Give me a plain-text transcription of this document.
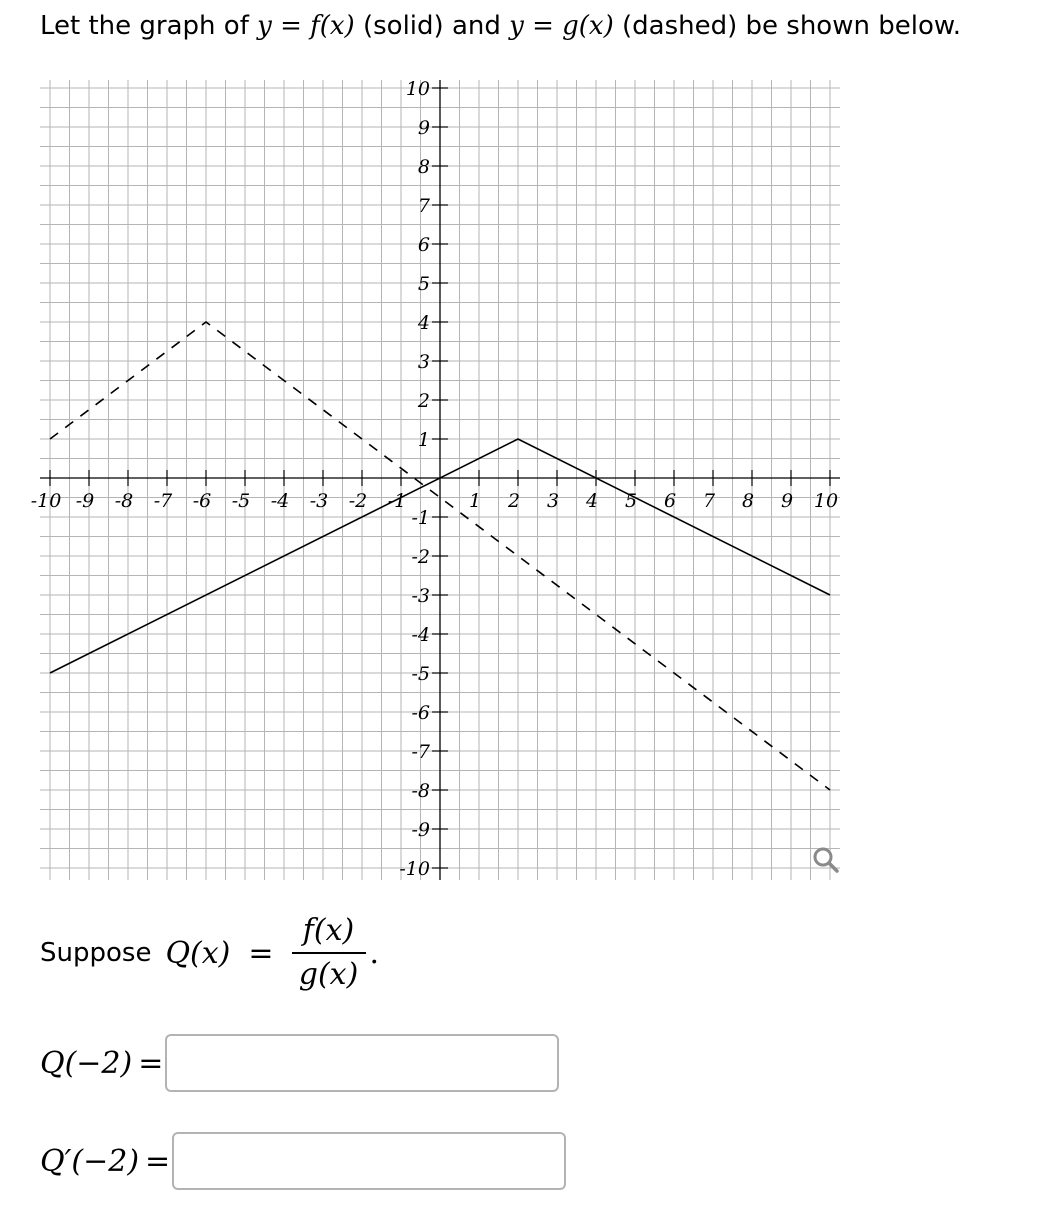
Let the graph of y = f(x) (solid) and y = g(x) (dashed) be shown below.
-10 -9 -8 -7 -6 -5 -4 -3 -2 -1	1 2 3 4 5 6 7 8 9 10
-10
-9
-8
-7
-6
-5
-4
-3
-2
-1
1
2
3
4
5
6
7
8
9
10
Suppose $Q(x) = \frac{f(x)}{g(x)}$ .
Q(−2) =
Q′(−2) =
